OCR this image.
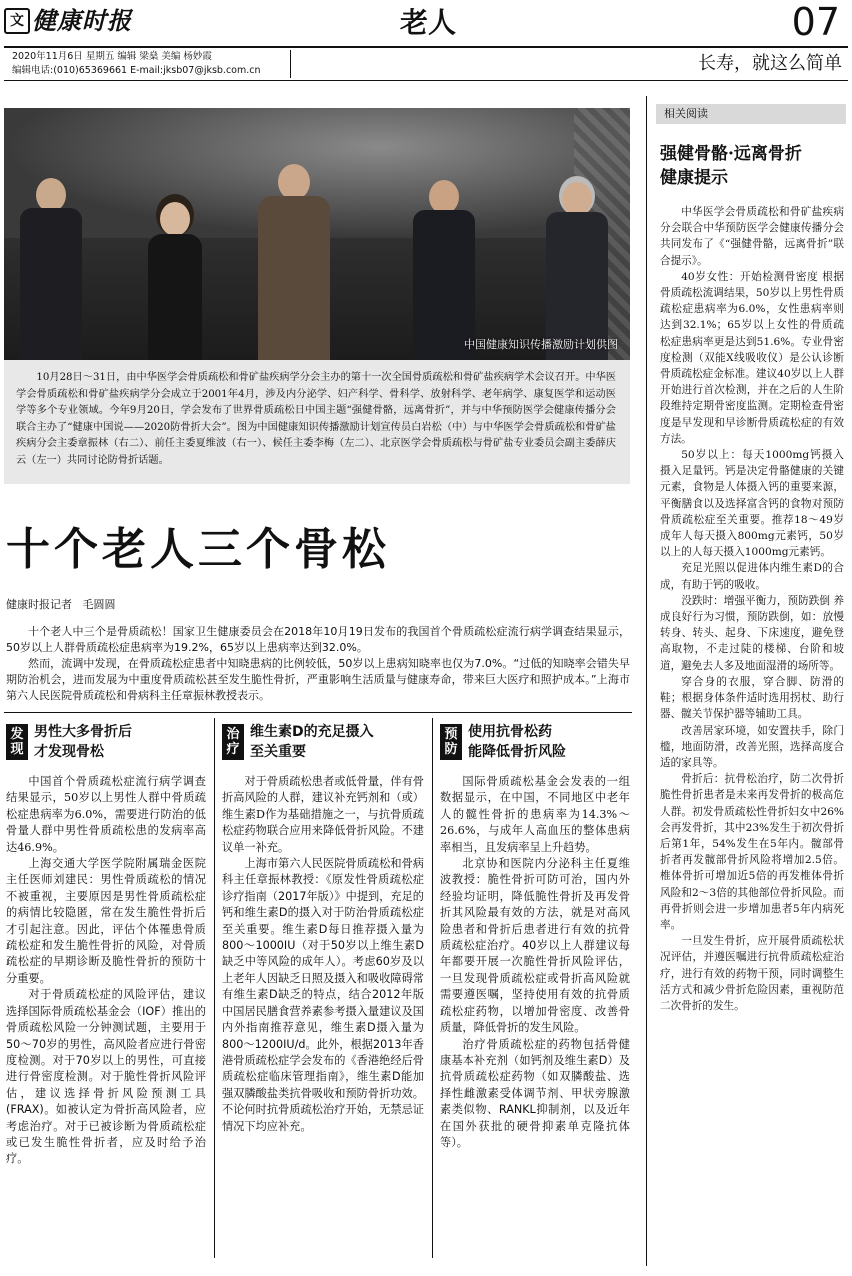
文 健康时报	老人	07
2020年11月6日 星期五 编辑 梁燊 美编 杨妙霞
编辑电话:(010)65369661 E-mail:jksb07@jksb.com.cn	长寿，就这么简单
中国健康知识传播激励计划供图
10月28日～31日，由中华医学会骨质疏松和骨矿盐疾病学分会主办的第十一次全国骨质疏松和骨矿盐疾病学术会议召开。中华医学会骨质疏松和骨矿盐疾病学分会成立于2001年4月，涉及内分泌学、妇产科学、骨科学、放射科学、老年病学、康复医学和运动医学等多个专业领域。今年9月20日，学会发布了世界骨质疏松日中国主题“强健骨骼，远离骨折”，并与中华预防医学会健康传播分会联合主办了“健康中国说——2020防骨折大会”。图为中国健康知识传播激励计划宣传员白岩松（中）与中华医学会骨质疏松和骨矿盐疾病分会主委章振林（右二）、前任主委夏维波（右一）、候任主委李梅（左二）、北京医学会骨质疏松与骨矿盐专业委员会副主委薛庆云（左一）共同讨论防骨折话题。
十个老人三个骨松
健康时报记者   毛圆圆

十个老人中三个是骨质疏松！国家卫生健康委员会在2018年10月19日发布的我国首个骨质疏松症流行病学调查结果显示，50岁以上人群骨质疏松症患病率为19.2%，65岁以上患病率达到32.0%。

然而，流调中发现，在骨质疏松症患者中知晓患病的比例较低，50岁以上患病知晓率也仅为7.0%。“过低的知晓率会错失早期防治机会，进而发展为中重度骨质疏松甚至发生脆性骨折，严重影响生活质量与健康寿命，带来巨大医疗和照护成本。”上海市第六人民医院骨质疏松和骨病科主任章振林教授表示。

发现
男性大多骨折后
才发现骨松
治疗
维生素D的充足摄入
至关重要
预防
使用抗骨松药
能降低骨折风险

中国首个骨质疏松症流行病学调查结果显示，50岁以上男性人群中骨质疏松症患病率为6.0%，需要进行防治的低骨量人群中男性骨质疏松患的发病率高达46.9%。

上海交通大学医学院附属瑞金医院主任医师刘建民：男性骨质疏松的情况不被重视，主要原因是男性骨质疏松症的病情比较隐匿，常在发生脆性骨折后才引起注意。因此，评估个体罹患骨质疏松症和发生脆性骨折的风险，对骨质疏松症的早期诊断及脆性骨折的预防十分重要。

对于骨质疏松症的风险评估，建议选择国际骨质疏松基金会（IOF）推出的骨质疏松风险一分钟测试题，主要用于50～70岁的男性，高风险者应进行骨密度检测。对于70岁以上的男性，可直接进行骨密度检测。对于脆性骨折风险评估，建议选择骨折风险预测工具(FRAX)。如被认定为骨折高风险者，应考虑治疗。对于已被诊断为骨质疏松症或已发生脆性骨折者，应及时给予治疗。

对于骨质疏松患者或低骨量，伴有骨折高风险的人群，建议补充钙剂和（或）维生素D作为基础措施之一，与抗骨质疏松症药物联合应用来降低骨折风险。不建议单一补充。

上海市第六人民医院骨质疏松和骨病科主任章振林教授：《原发性骨质疏松症诊疗指南（2017年版）》中提到，充足的钙和维生素D的摄入对于防治骨质疏松症至关重要。维生素D每日推荐摄入量为800～1000IU（对于50岁以上维生素D缺乏中等风险的成年人）。考虑60岁及以上老年人因缺乏日照及摄入和吸收障碍常有维生素D缺乏的特点，结合2012年版中国居民膳食营养素参考摄入量建议及国内外指南推荐意见，维生素D摄入量为800～1200IU/d。此外，根据2013年香港骨质疏松症学会发布的《香港绝经后骨质疏松症临床管理指南》，维生素D能加强双膦酸盐类抗骨吸收和预防骨折功效。不论何时抗骨质疏松治疗开始，无禁忌证情况下均应补充。

国际骨质疏松基金会发表的一组数据显示，在中国，不同地区中老年人的髋性骨折的患病率为14.3%～26.6%，与成年人高血压的整体患病率相当，且发病率呈上升趋势。

北京协和医院内分泌科主任夏维波教授：脆性骨折可防可治，国内外经验均证明，降低脆性骨折及再发骨折其风险最有效的方法，就是对高风险患者和骨折后患者进行有效的抗骨质疏松症治疗。40岁以上人群建议每年都要开展一次脆性骨折风险评估，一旦发现骨质疏松症或骨折高风险就需要遵医嘱，坚持使用有效的抗骨质疏松症药物，以增加骨密度、改善骨质量，降低骨折的发生风险。

治疗骨质疏松症的药物包括骨健康基本补充剂（如钙剂及维生素D）及抗骨质疏松症药物（如双膦酸盐、选择性雌激素受体调节剂、甲状旁腺激素类似物、RANKL抑制剂，以及近年在国外获批的硬骨抑素单克隆抗体等）。

相关阅读
强健骨骼·远离骨折
健康提示

中华医学会骨质疏松和骨矿盐疾病分会联合中华预防医学会健康传播分会共同发布了《“强健骨骼，远离骨折”联合提示》。

40岁女性：开始检测骨密度 根据骨质疏松流调结果，50岁以上男性骨质疏松症患病率为6.0%，女性患病率则达到32.1%；65岁以上女性的骨质疏松症患病率更是达到51.6%。专业骨密度检测（双能X线吸收仪）是公认诊断骨质疏松症金标准。建议40岁以上人群开始进行首次检测，并在之后的人生阶段维持定期骨密度监测。定期检查骨密度是早发现和早诊断骨质疏松症的有效方法。

50岁以上：每天1000mg钙摄入 摄入足量钙。钙是决定骨骼健康的关键元素，食物是人体摄入钙的重要来源，平衡膳食以及选择富含钙的食物对预防骨质疏松症至关重要。推荐18～49岁成年人每天摄入800mg元素钙，50岁以上的人每天摄入1000mg元素钙。

充足光照以促进体内维生素D的合成，有助于钙的吸收。

没跌时：增强平衡力，预防跌倒 养成良好行为习惯，预防跌倒，如：放慢转身、转头、起身、下床速度，避免登高取物，不走过陡的楼梯、台阶和坡道，避免去人多及地面湿滑的场所等。

穿合身的衣服，穿合脚、防滑的鞋；根据身体条件适时选用拐杖、助行器、髋关节保护器等辅助工具。

改善居家环境，如安置扶手，除门槛，地面防滑，改善光照，选择高度合适的家具等。

骨折后：抗骨松治疗，防二次骨折 脆性骨折患者是未来再发骨折的极高危人群。初发骨质疏松性骨折妇女中26%会再发骨折，其中23%发生于初次骨折后第1年，54%发生在5年内。髋部骨折者再发髋部骨折风险将增加2.5倍。椎体骨折可增加近5倍的再发椎体骨折风险和2～3倍的其他部位骨折风险。而再骨折则会进一步增加患者5年内病死率。

一旦发生骨折，应开展骨质疏松状况评估，并遵医嘱进行抗骨质疏松症治疗，进行有效的药物干预，同时调整生活方式和减少骨折危险因素，重视防范二次骨折的发生。
